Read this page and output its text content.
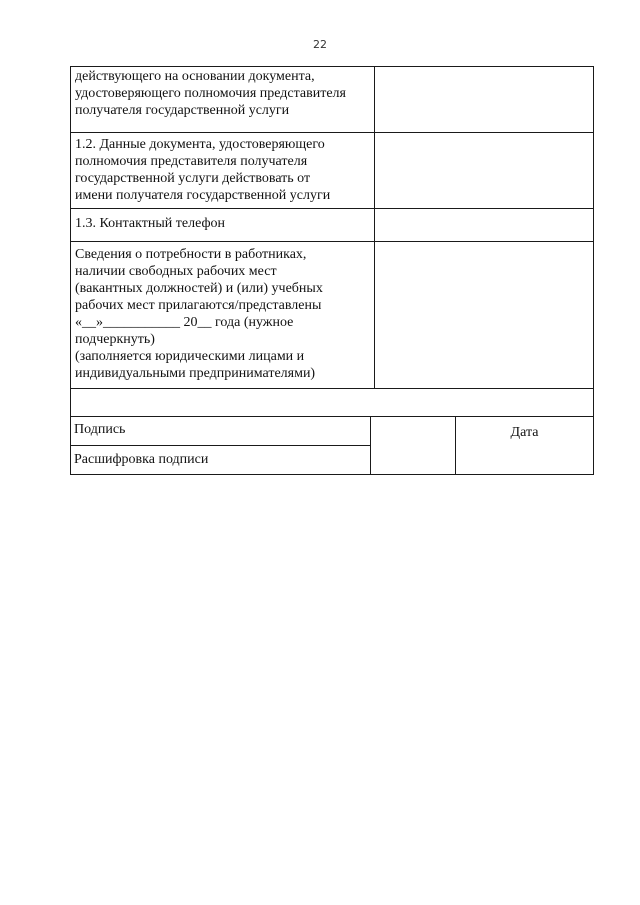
22
действующего на основании документа,
удостоверяющего полномочия представителя
получателя государственной услуги
1.2. Данные документа, удостоверяющего
полномочия представителя получателя
государственной услуги действовать от
имени получателя государственной услуги
1.3. Контактный телефон
Сведения о потребности в работниках,
наличии свободных рабочих мест
(вакантных должностей) и (или) учебных
рабочих мест прилагаются/представлены
«__»___________ 20__ года (нужное
подчеркнуть)
(заполняется юридическими лицами и
индивидуальными предпринимателями)
Подпись
Расшифровка подписи
Дата
